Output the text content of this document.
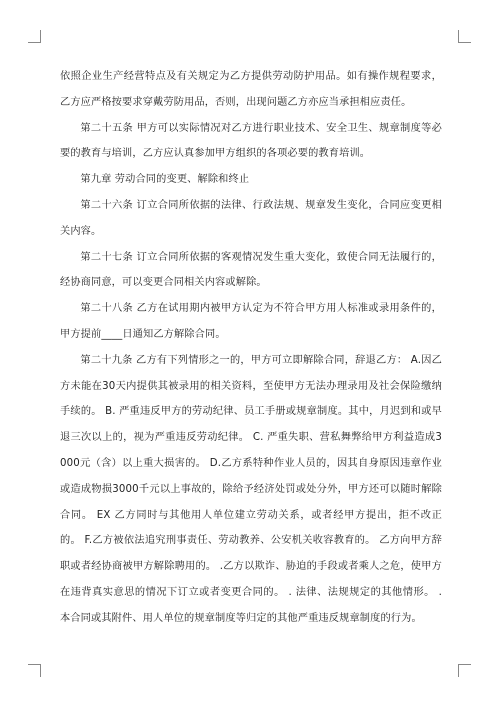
依照企业生产经营特点及有关规定为乙方提供劳动防护用品。如有操作规程要求，乙方应严格按要求穿戴劳防用品，否则，出现问题乙方亦应当承担相应责任。

第二十五条 甲方可以实际情况对乙方进行职业技术、安全卫生、规章制度等必要的教育与培训，乙方应认真参加甲方组织的各项必要的教育培训。

第九章 劳动合同的变更、解除和终止

第二十六条 订立合同所依据的法律、行政法规、规章发生变化，合同应变更相关内容。

第二十七条 订立合同所依据的客观情况发生重大变化，致使合同无法履行的，经协商同意，可以变更合同相关内容或解除。

第二十八条 乙方在试用期内被甲方认定为不符合甲方用人标准或录用条件的，甲方提前____日通知乙方解除合同。

第二十九条 乙方有下列情形之一的，甲方可立即解除合同，辞退乙方： A.因乙方未能在30天内提供其被录用的相关资料，至使甲方无法办理录用及社会保险缴纳手续的。 B. 严重违反甲方的劳动纪律、员工手册或规章制度。其中，月迟到和或早退三次以上的，视为严重违反劳动纪律。 C. 严重失职、营私舞弊给甲方利益造成3000元（含）以上重大损害的。 D.乙方系特种作业人员的，因其自身原因违章作业或造成物损3000千元以上事故的，除给予经济处罚或处分外，甲方还可以随时解除合同。 EX 乙方同时与其他用人单位建立劳动关系，或者经甲方提出，拒不改正的。 F.乙方被依法追究刑事责任、劳动教养、公安机关收容教育的。 乙方向甲方辞职或者经协商被甲方解除聘用的。 .乙方以欺诈、胁迫的手段或者乘人之危，使甲方在违背真实意思的情况下订立或者变更合同的。 . 法律、法规规定的其他情形。 . 本合同或其附件、用人单位的规章制度等归定的其他严重违反规章制度的行为。
